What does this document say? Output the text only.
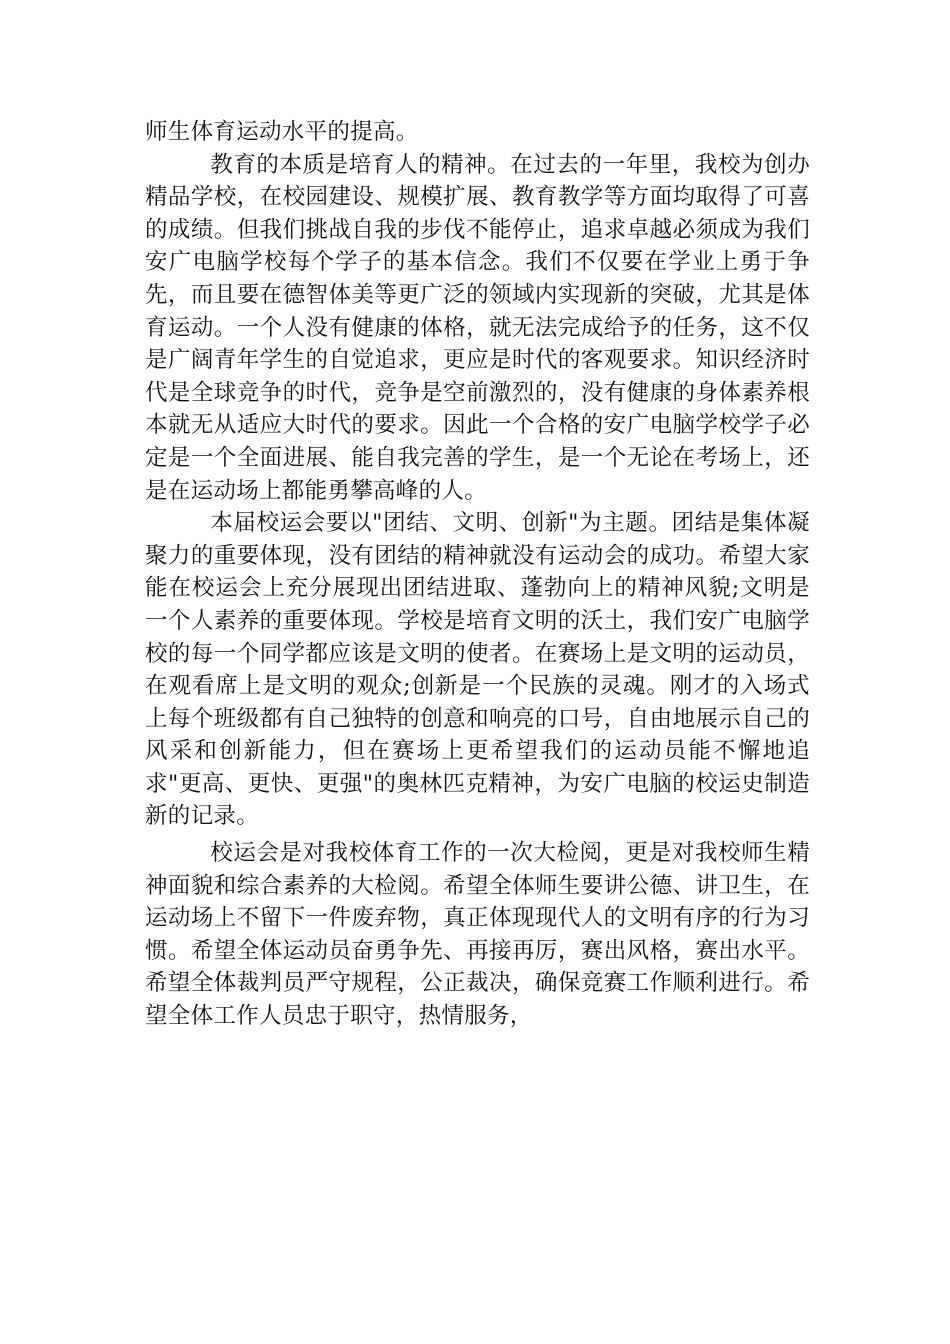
师生体育运动水平的提高。

教育的本质是培育人的精神。在过去的一年里，我校为创办精品学校，在校园建设、规模扩展、教育教学等方面均取得了可喜的成绩。但我们挑战自我的步伐不能停止，追求卓越必须成为我们安广电脑学校每个学子的基本信念。我们不仅要在学业上勇于争先，而且要在德智体美等更广泛的领域内实现新的突破，尤其是体育运动。一个人没有健康的体格，就无法完成给予的任务，这不仅是广阔青年学生的自觉追求，更应是时代的客观要求。知识经济时代是全球竞争的时代，竞争是空前激烈的，没有健康的身体素养根本就无从适应大时代的要求。因此一个合格的安广电脑学校学子必定是一个全面进展、能自我完善的学生，是一个无论在考场上，还是在运动场上都能勇攀高峰的人。

本届校运会要以"团结、文明、创新"为主题。团结是集体凝聚力的重要体现，没有团结的精神就没有运动会的成功。希望大家能在校运会上充分展现出团结进取、蓬勃向上的精神风貌;文明是一个人素养的重要体现。学校是培育文明的沃土，我们安广电脑学校的每一个同学都应该是文明的使者。在赛场上是文明的运动员，在观看席上是文明的观众;创新是一个民族的灵魂。刚才的入场式上每个班级都有自己独特的创意和响亮的口号，自由地展示自己的风采和创新能力，但在赛场上更希望我们的运动员能不懈地追求"更高、更快、更强"的奥林匹克精神，为安广电脑的校运史制造新的记录。

校运会是对我校体育工作的一次大检阅，更是对我校师生精神面貌和综合素养的大检阅。希望全体师生要讲公德、讲卫生，在运动场上不留下一件废弃物，真正体现现代人的文明有序的行为习惯。希望全体运动员奋勇争先、再接再厉，赛出风格，赛出水平。希望全体裁判员严守规程，公正裁决，确保竞赛工作顺利进行。希望全体工作人员忠于职守，热情服务，
